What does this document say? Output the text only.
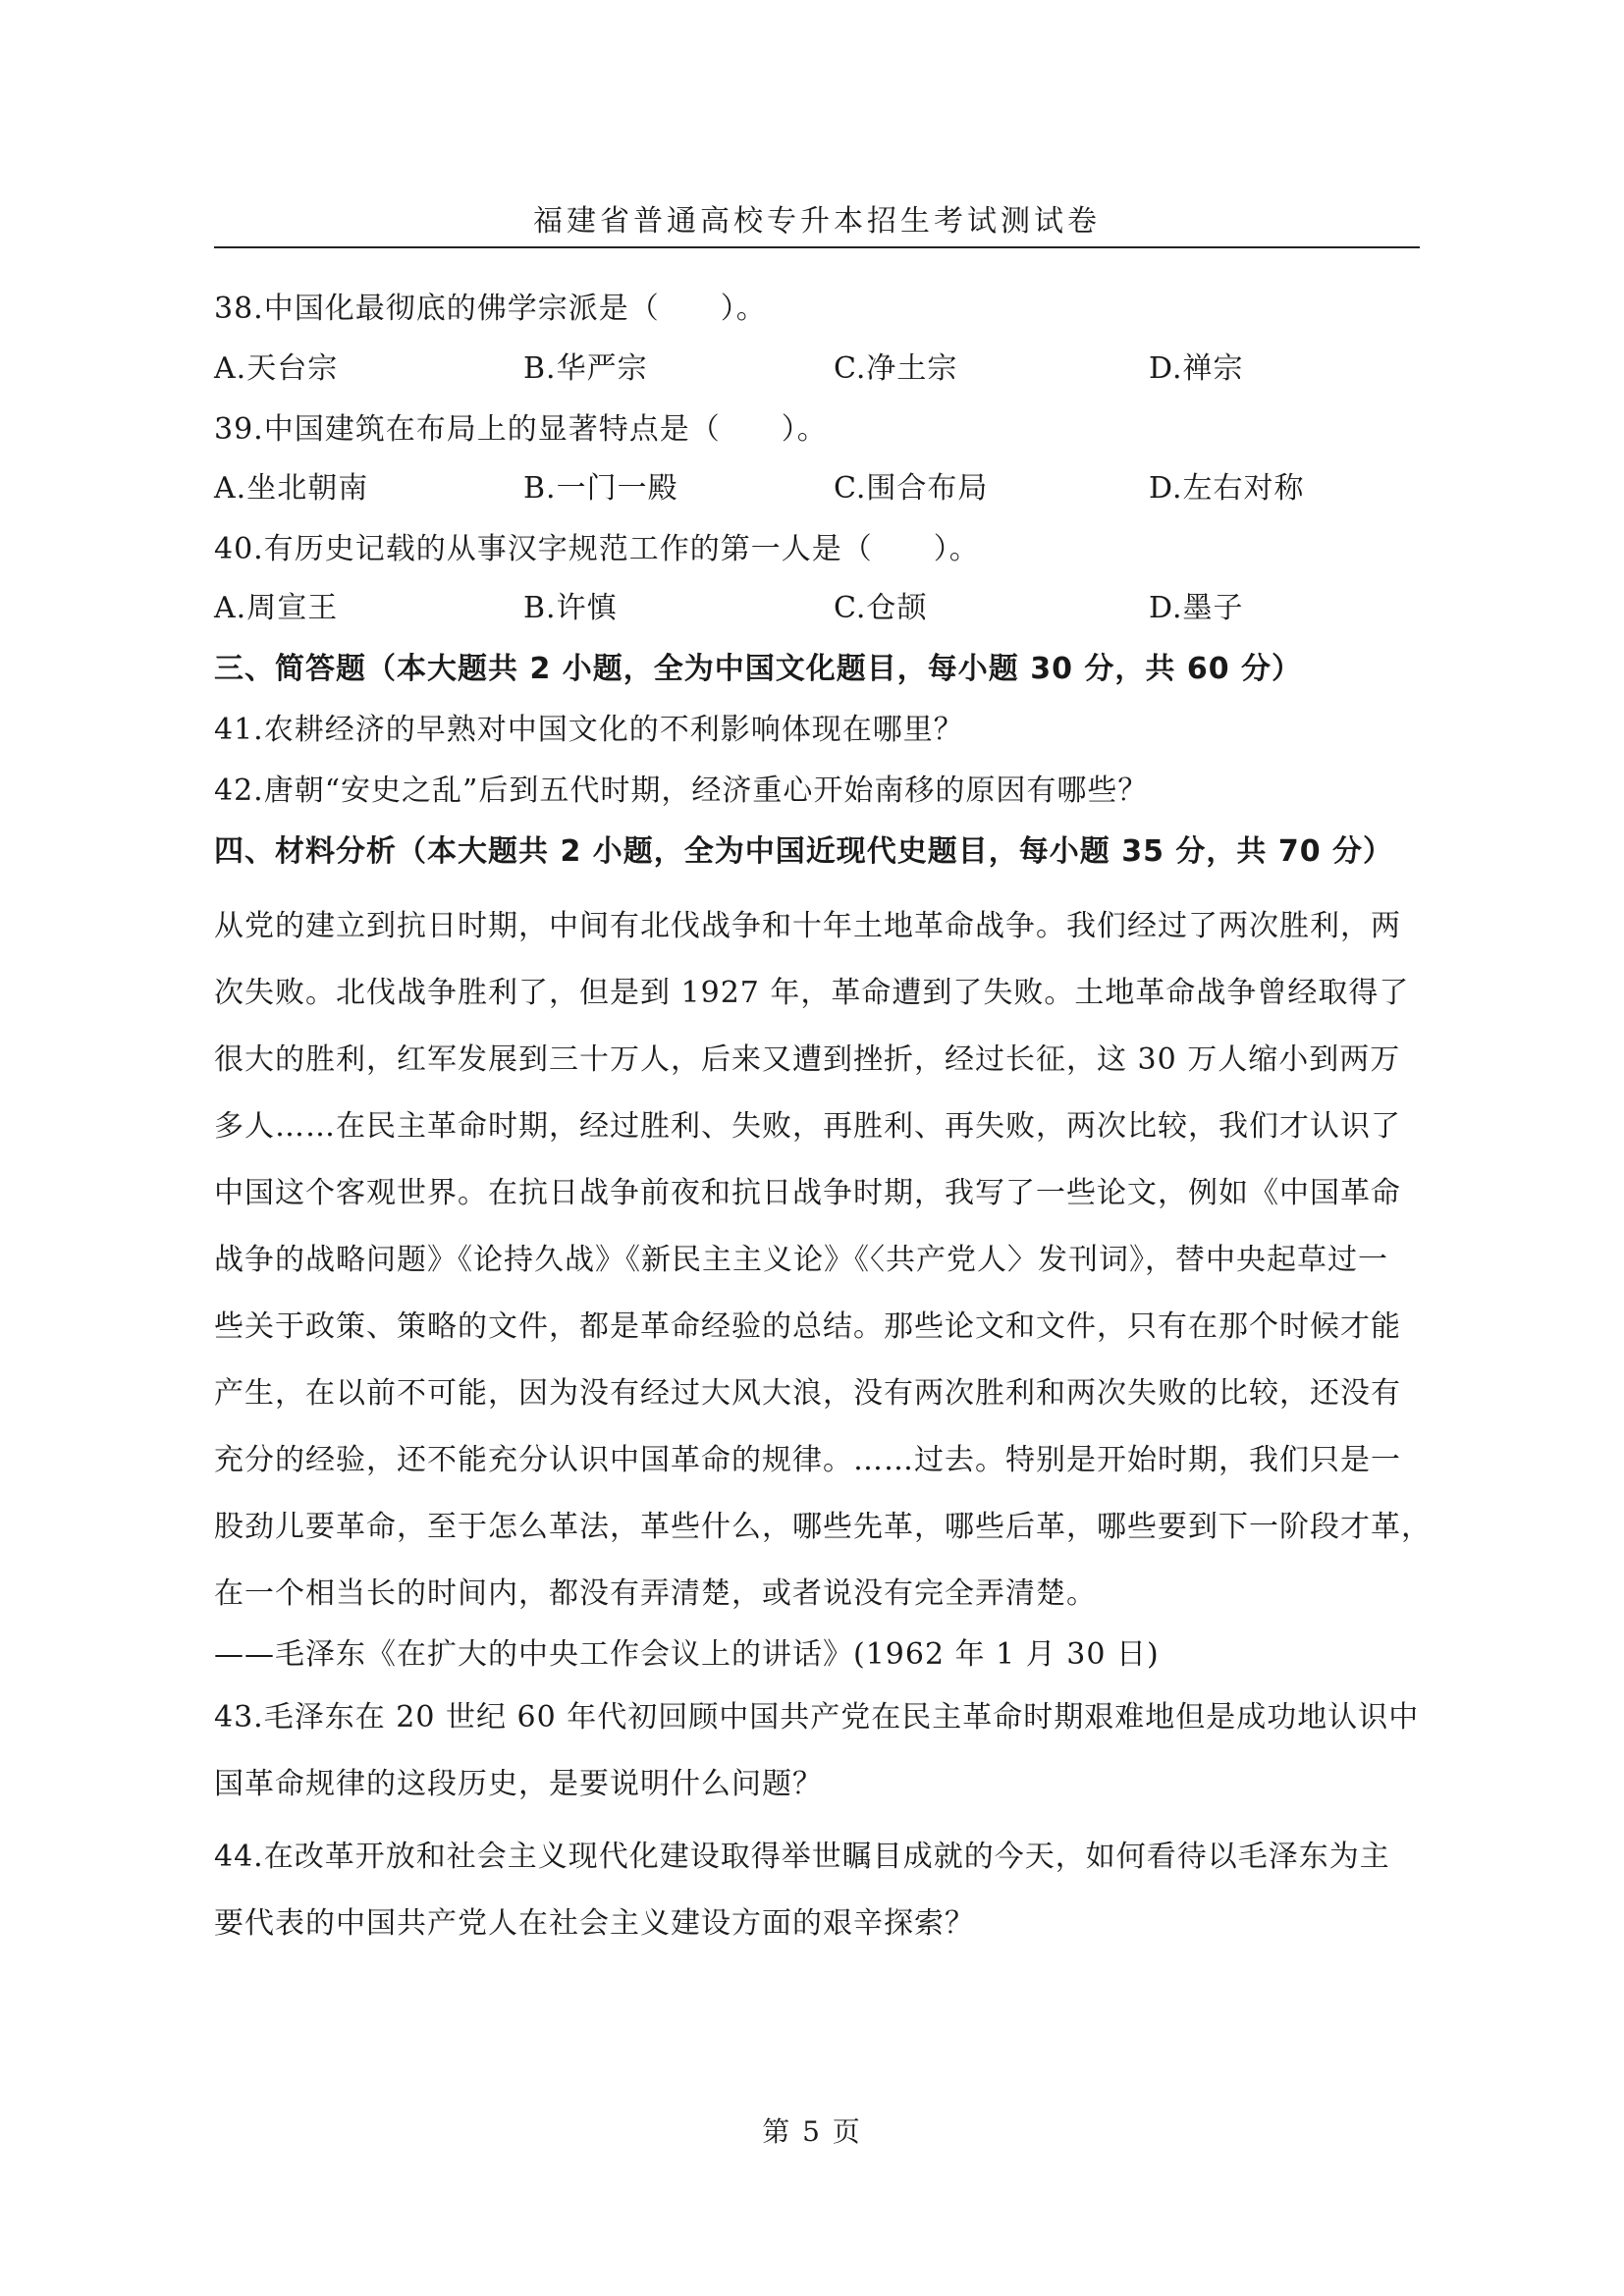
福建省普通高校专升本招生考试测试卷
38.中国化最彻底的佛学宗派是（　　）。
A.天台宗	B.华严宗	C.净土宗	D.禅宗
39.中国建筑在布局上的显著特点是（　　）。
A.坐北朝南	B.一门一殿	C.围合布局	D.左右对称
40.有历史记载的从事汉字规范工作的第一人是（　　）。
A.周宣王	B.许慎	C.仓颉	D.墨子
三、简答题（本大题共 2 小题，全为中国文化题目，每小题 30 分，共 60 分）
41.农耕经济的早熟对中国文化的不利影响体现在哪里？
42.唐朝“安史之乱”后到五代时期，经济重心开始南移的原因有哪些？
四、材料分析（本大题共 2 小题，全为中国近现代史题目，每小题 35 分，共 70 分）
从党的建立到抗日时期，中间有北伐战争和十年土地革命战争。我们经过了两次胜利，两
次失败。北伐战争胜利了，但是到 1927 年，革命遭到了失败。土地革命战争曾经取得了
很大的胜利，红军发展到三十万人，后来又遭到挫折，经过长征，这 30 万人缩小到两万
多人……在民主革命时期，经过胜利、失败，再胜利、再失败，两次比较，我们才认识了
中国这个客观世界。在抗日战争前夜和抗日战争时期，我写了一些论文，例如《中国革命
战争的战略问题》《论持久战》《新民主主义论》《〈共产党人〉发刊词》，替中央起草过一
些关于政策、策略的文件，都是革命经验的总结。那些论文和文件，只有在那个时候才能
产生，在以前不可能，因为没有经过大风大浪，没有两次胜利和两次失败的比较，还没有
充分的经验，还不能充分认识中国革命的规律。……过去。特别是开始时期，我们只是一
股劲儿要革命，至于怎么革法，革些什么，哪些先革，哪些后革，哪些要到下一阶段才革，
在一个相当长的时间内，都没有弄清楚，或者说没有完全弄清楚。
——毛泽东《在扩大的中央工作会议上的讲话》(1962 年 1 月 30 日)
43.毛泽东在 20 世纪 60 年代初回顾中国共产党在民主革命时期艰难地但是成功地认识中
国革命规律的这段历史，是要说明什么问题？
44.在改革开放和社会主义现代化建设取得举世瞩目成就的今天，如何看待以毛泽东为主
要代表的中国共产党人在社会主义建设方面的艰辛探索？
第 5 页
